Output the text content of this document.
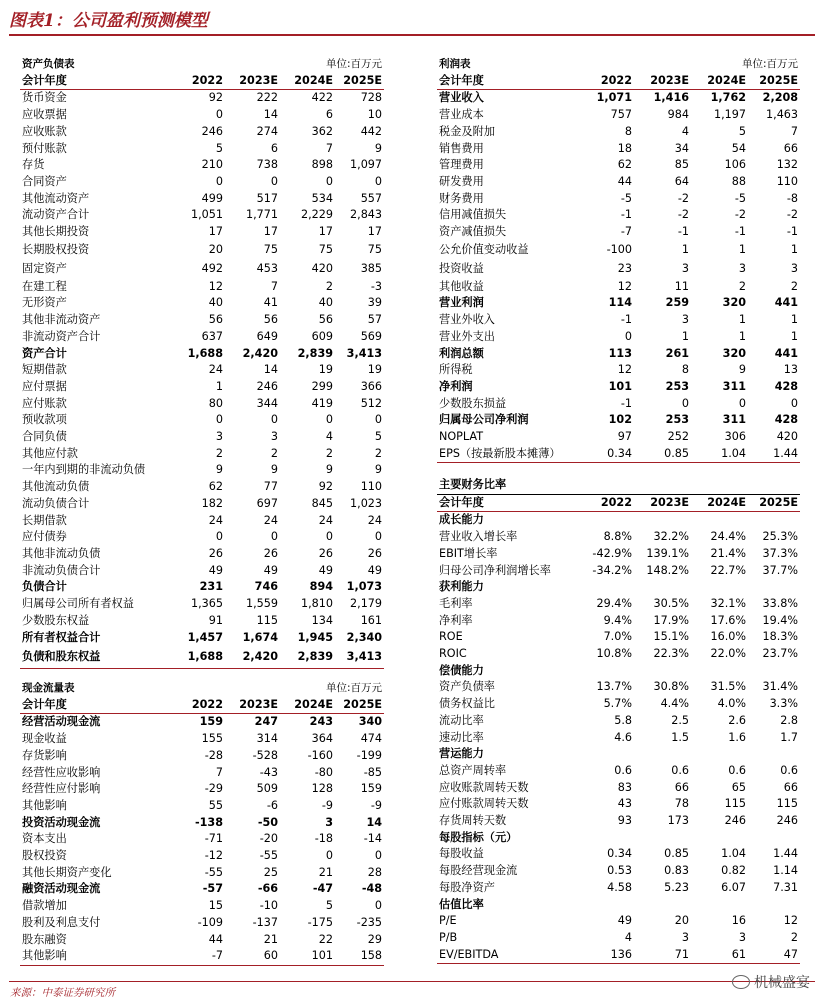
图表1：公司盈利预测模型
资产负债表			单位:百万元	
会计年度	2022	2023E	2024E	2025E
货币资金	92	222	422	728
应收票据	0	14	6	10
应收账款	246	274	362	442
预付账款	5	6	7	9
存货	210	738	898	1,097
合同资产	0	0	0	0
其他流动资产	499	517	534	557
流动资产合计	1,051	1,771	2,229	2,843
其他长期投资	17	17	17	17
长期股权投资	20	75	75	75
固定资产	492	453	420	385
在建工程	12	7	2	-3
无形资产	40	41	40	39
其他非流动资产	56	56	56	57
非流动资产合计	637	649	609	569
资产合计	1,688	2,420	2,839	3,413
短期借款	24	14	19	19
应付票据	1	246	299	366
应付账款	80	344	419	512
预收款项	0	0	0	0
合同负债	3	3	4	5
其他应付款	2	2	2	2
一年内到期的非流动负债	9	9	9	9
其他流动负债	62	77	92	110
流动负债合计	182	697	845	1,023
长期借款	24	24	24	24
应付债券	0	0	0	0
其他非流动负债	26	26	26	26
非流动负债合计	49	49	49	49
负债合计	231	746	894	1,073
归属母公司所有者权益	1,365	1,559	1,810	2,179
少数股东权益	91	115	134	161
所有者权益合计	1,457	1,674	1,945	2,340
负债和股东权益	1,688	2,420	2,839	3,413
现金流量表			单位:百万元	
会计年度	2022	2023E	2024E	2025E
经营活动现金流	159	247	243	340
现金收益	155	314	364	474
存货影响	-28	-528	-160	-199
经营性应收影响	7	-43	-80	-85
经营性应付影响	-29	509	128	159
其他影响	55	-6	-9	-9
投资活动现金流	-138	-50	3	14
资本支出	-71	-20	-18	-14
股权投资	-12	-55	0	0
其他长期资产变化	-55	25	21	28
融资活动现金流	-57	-66	-47	-48
借款增加	15	-10	5	0
股利及利息支付	-109	-137	-175	-235
股东融资	44	21	22	29
其他影响	-7	60	101	158
利润表			单位:百万元	
会计年度	2022	2023E	2024E	2025E
营业收入	1,071	1,416	1,762	2,208
营业成本	757	984	1,197	1,463
税金及附加	8	4	5	7
销售费用	18	34	54	66
管理费用	62	85	106	132
研发费用	44	64	88	110
财务费用	-5	-2	-5	-8
信用减值损失	-1	-2	-2	-2
资产减值损失	-7	-1	-1	-1
公允价值变动收益	-100	1	1	1
投资收益	23	3	3	3
其他收益	12	11	2	2
营业利润	114	259	320	441
营业外收入	-1	3	1	1
营业外支出	0	1	1	1
利润总额	113	261	320	441
所得税	12	8	9	13
净利润	101	253	311	428
少数股东损益	-1	0	0	0
归属母公司净利润	102	253	311	428
NOPLAT	97	252	306	420
EPS（按最新股本摊薄）	0.34	0.85	1.04	1.44
主要财务比率				
会计年度	2022	2023E	2024E	2025E
成长能力				
营业收入增长率	8.8%	32.2%	24.4%	25.3%
EBIT增长率	-42.9%	139.1%	21.4%	37.3%
归母公司净利润增长率	-34.2%	148.2%	22.7%	37.7%
获利能力				
毛利率	29.4%	30.5%	32.1%	33.8%
净利率	9.4%	17.9%	17.6%	19.4%
ROE	7.0%	15.1%	16.0%	18.3%
ROIC	10.8%	22.3%	22.0%	23.7%
偿债能力				
资产负债率	13.7%	30.8%	31.5%	31.4%
债务权益比	5.7%	4.4%	4.0%	3.3%
流动比率	5.8	2.5	2.6	2.8
速动比率	4.6	1.5	1.6	1.7
营运能力				
总资产周转率	0.6	0.6	0.6	0.6
应收账款周转天数	83	66	65	66
应付账款周转天数	43	78	115	115
存货周转天数	93	173	246	246
每股指标（元）				
每股收益	0.34	0.85	1.04	1.44
每股经营现金流	0.53	0.83	0.82	1.14
每股净资产	4.58	5.23	6.07	7.31
估值比率				
P/E	49	20	16	12
P/B	4	3	3	2
EV/EBITDA	136	71	61	47
来源：中泰证券研究所
机械盛宴
